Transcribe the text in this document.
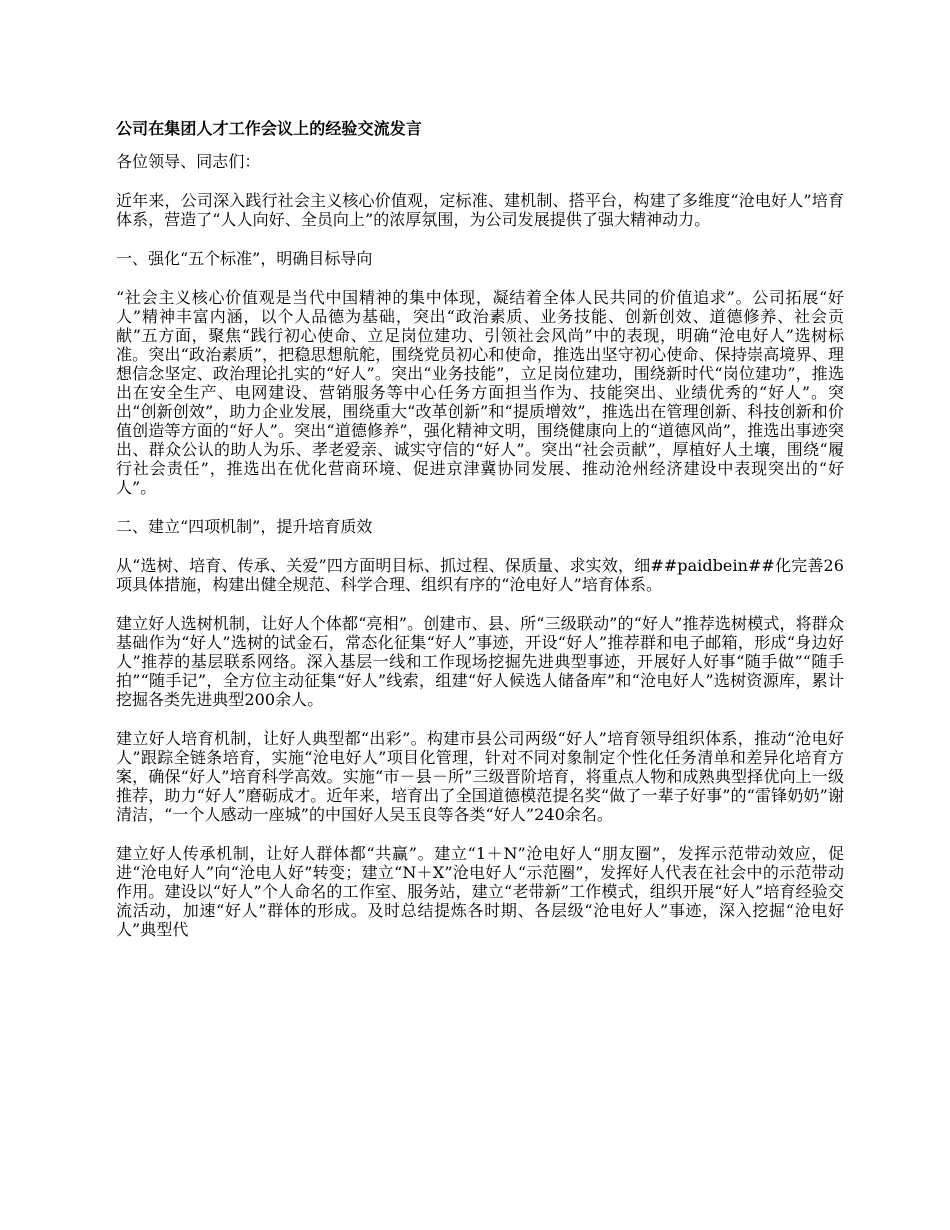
公司在集团人才工作会议上的经验交流发言

各位领导、同志们：

近年来，公司深入践行社会主义核心价值观，定标准、建机制、搭平台，构建了多维度“沧电好人”培育体系，营造了“人人向好、全员向上”的浓厚氛围，为公司发展提供了强大精神动力。

一、强化“五个标准”，明确目标导向

“社会主义核心价值观是当代中国精神的集中体现，凝结着全体人民共同的价值追求”。公司拓展“好人”精神丰富内涵，以个人品德为基础，突出“政治素质、业务技能、创新创效、道德修养、社会贡献”五方面，聚焦“践行初心使命、立足岗位建功、引领社会风尚”中的表现，明确“沧电好人”选树标准。突出“政治素质”，把稳思想航舵，围绕党员初心和使命，推选出坚守初心使命、保持崇高境界、理想信念坚定、政治理论扎实的“好人”。突出“业务技能”，立足岗位建功，围绕新时代“岗位建功”，推选出在安全生产、电网建设、营销服务等中心任务方面担当作为、技能突出、业绩优秀的“好人”。突出“创新创效”，助力企业发展，围绕重大“改革创新”和“提质增效”，推选出在管理创新、科技创新和价值创造等方面的“好人”。突出“道德修养”，强化精神文明，围绕健康向上的“道德风尚”，推选出事迹突出、群众公认的助人为乐、孝老爱亲、诚实守信的“好人”。突出“社会贡献”，厚植好人土壤，围绕“履行社会责任”，推选出在优化营商环境、促进京津冀协同发展、推动沧州经济建设中表现突出的“好人”。

二、建立“四项机制”，提升培育质效

从“选树、培育、传承、关爱”四方面明目标、抓过程、保质量、求实效，细##paidbein##化完善26项具体措施，构建出健全规范、科学合理、组织有序的“沧电好人”培育体系。

建立好人选树机制，让好人个体都“亮相”。创建市、县、所“三级联动”的“好人”推荐选树模式，将群众基础作为“好人”选树的试金石，常态化征集“好人”事迹，开设“好人”推荐群和电子邮箱，形成“身边好人”推荐的基层联系网络。深入基层一线和工作现场挖掘先进典型事迹，开展好人好事“随手做”“随手拍”“随手记”，全方位主动征集“好人”线索，组建“好人候选人储备库”和“沧电好人”选树资源库，累计挖掘各类先进典型200余人。

建立好人培育机制，让好人典型都“出彩”。构建市县公司两级“好人”培育领导组织体系，推动“沧电好人”跟踪全链条培育，实施“沧电好人”项目化管理，针对不同对象制定个性化任务清单和差异化培育方案，确保“好人”培育科学高效。实施“市－县－所”三级晋阶培育，将重点人物和成熟典型择优向上一级推荐，助力“好人”磨砺成才。近年来，培育出了全国道德模范提名奖“做了一辈子好事”的“雷锋奶奶”谢清洁，“一个人感动一座城”的中国好人吴玉良等各类“好人”240余名。

建立好人传承机制，让好人群体都“共赢”。建立“1＋N”沧电好人“朋友圈”，发挥示范带动效应，促进“沧电好人”向“沧电人好”转变；建立“N＋X”沧电好人“示范圈”，发挥好人代表在社会中的示范带动作用。建设以“好人”个人命名的工作室、服务站，建立“老带新”工作模式，组织开展“好人”培育经验交流活动，加速“好人”群体的形成。及时总结提炼各时期、各层级“沧电好人”事迹，深入挖掘“沧电好人”典型代
